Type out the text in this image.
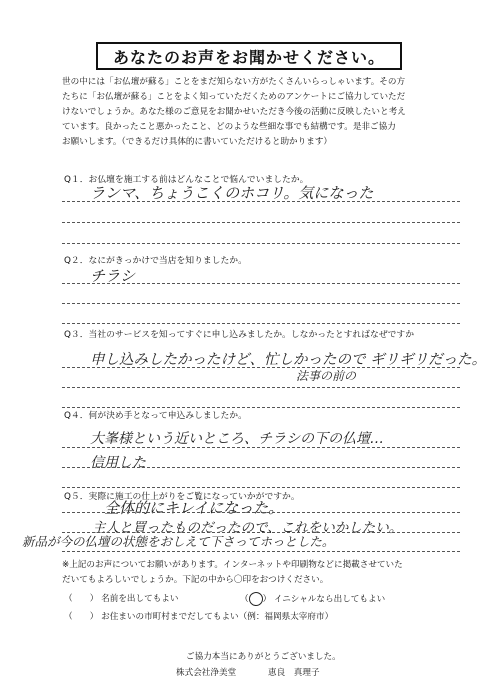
あなたのお声をお聞かせください。
世の中には「お仏壇が蘇る」ことをまだ知らない方がたくさんいらっしゃいます。その方
たちに「お仏壇が蘇る」ことをよく知っていただくためのアンケートにご協力していただ
けないでしょうか。あなた様のご意見をお聞かせいただき今後の活動に反映したいと考え
ています。良かったこと悪かったこと、どのような些細な事でも結構です。是非ご協力
お願いします。（できるだけ具体的に書いていただけると助かります）
Q１．お仏壇を施工する前はどんなことで悩んでいましたか。
ランマ、ちょうこくのホコリ。気になった
Q２．なにがきっかけで当店を知りましたか。
チラシ
Q３．当社のサービスを知ってすぐに申し込みましたか。しなかったとすればなぜですか
申し込みしたかったけど、忙しかったので ギリギリだった。
法事の前の
Q４．何が決め手となって申込みしましたか。
大峯様という近いところ、チラシの下の仏壇…
信用した
Q５．実際に施工の仕上がりをご覧になっていかがですか。
全体的にキレイになった。
主人と買ったものだったので、これをいかしたい。
新品が今の仏壇の状態をおしえて下さってホっとした。
※上記のお声についてお願いがあります。インターネットや印刷物などに掲載させていた
だいてもよろしいでしょうか。下記の中から〇印をおつけください。
（　　） 名前を出してもよい	（ ） イニシャルなら出してもよい
（　　） お住まいの市町村までだしてもよい（例：福岡県太宰府市）
ご協力本当にありがとうございました。
株式会社浄美堂	恵良　真理子
